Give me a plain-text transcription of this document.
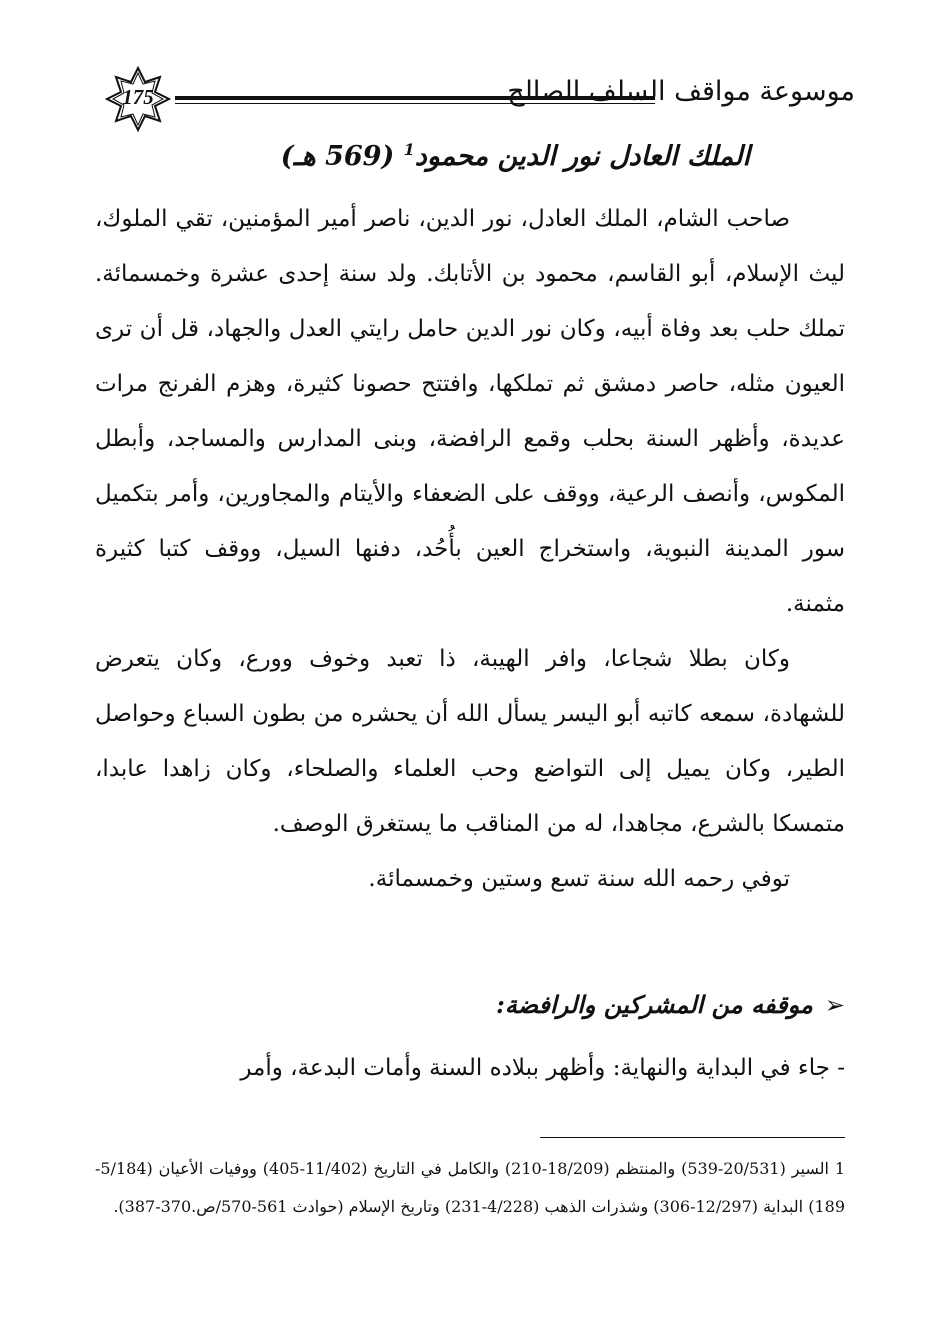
175	موسوعة مواقف السلف الصالح
الملك العادل نور الدين محمود$^1$ (569 هـ)

صاحب الشام، الملك العادل، نور الدين، ناصر أمير المؤمنين، تقي الملوك، ليث الإسلام، أبو القاسم، محمود بن الأتابك. ولد سنة إحدى عشرة وخمسمائة. تملك حلب بعد وفاة أبيه، وكان نور الدين حامل رايتي العدل والجهاد، قل أن ترى العيون مثله، حاصر دمشق ثم تملكها، وافتتح حصونا كثيرة، وهزم الفرنج مرات عديدة، وأظهر السنة بحلب وقمع الرافضة، وبنى المدارس والمساجد، وأبطل المكوس، وأنصف الرعية، ووقف على الضعفاء والأيتام والمجاورين، وأمر بتكميل سور المدينة النبوية، واستخراج العين بأُحُد، دفنها السيل، ووقف كتبا كثيرة مثمنة.

وكان بطلا شجاعا، وافر الهيبة، ذا تعبد وخوف وورع، وكان يتعرض للشهادة، سمعه كاتبه أبو اليسر يسأل الله أن يحشره من بطون السباع وحواصل الطير، وكان يميل إلى التواضع وحب العلماء والصلحاء، وكان زاهدا عابدا، متمسكا بالشرع، مجاهدا، له من المناقب ما يستغرق الوصف.

توفي رحمه الله سنة تسع وستين وخمسمائة.

➢موقفه من المشركين والرافضة:
- جاء في البداية والنهاية: وأظهر ببلاده السنة وأمات البدعة، وأمر
1 السير (20/531-539) والمنتظم (18/209-210) والكامل في التاريخ (11/402-405) ووفيات الأعيان (5/184-189) البداية (12/297-306) وشذرات الذهب (4/228-231) وتاريخ الإسلام (حوادث 561-570/ص.370-387).
